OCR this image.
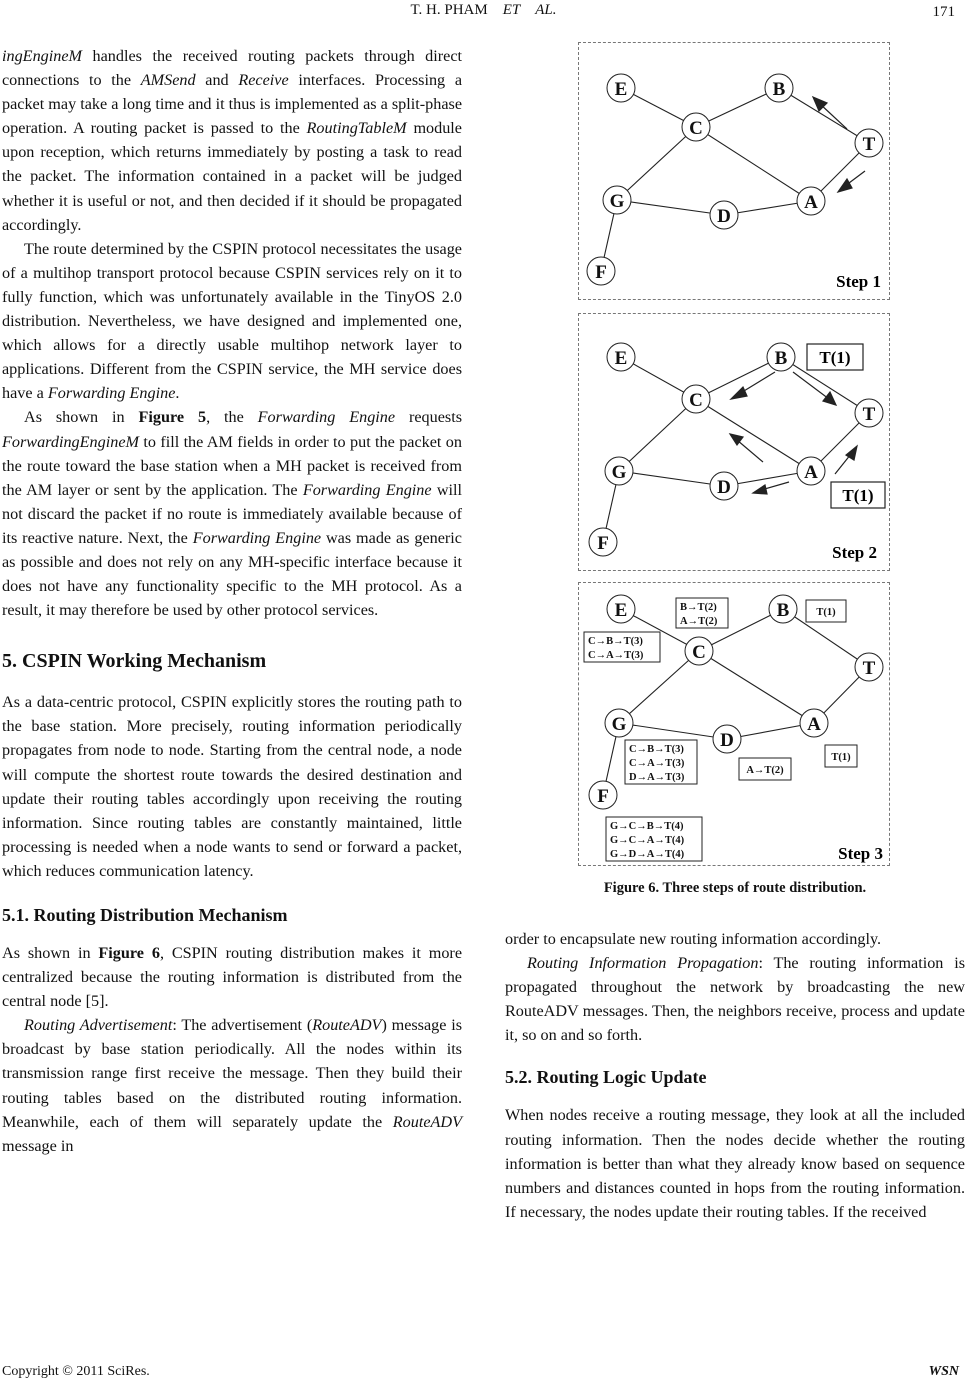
T. H. PHAM ET AL.	171

ingEngineM handles the received routing packets through direct connections to the AMSend and Receive interfaces. Processing a packet may take a long time and it thus is implemented as a split-phase operation. A routing packet is passed to the RoutingTableM module upon reception, which returns immediately by posting a task to read the packet. The information contained in a packet will be judged whether it is useful or not, and then decided if it should be propagated accordingly.

The route determined by the CSPIN protocol necessitates the usage of a multihop transport protocol because CSPIN services rely on it to fully function, which was unfortunately available in the TinyOS 2.0 distribution. Nevertheless, we have designed and implemented one, which allows for a directly usable multihop network layer to applications. Different from the CSPIN service, the MH service does have a Forwarding Engine.

As shown in Figure 5, the Forwarding Engine requests ForwardingEngineM to fill the AM fields in order to put the packet on the route toward the base station when a MH packet is received from the AM layer or sent by the application. The Forwarding Engine will not discard the packet if no route is immediately available because of its reactive nature. Next, the Forwarding Engine was made as generic as possible and does not rely on any MH-specific interface because it does not have any functionality specific to the MH protocol. As a result, it may therefore be used by other protocol services.

5. CSPIN Working Mechanism

As a data-centric protocol, CSPIN explicitly stores the routing path to the base station. More precisely, routing information periodically propagates from node to node. Starting from the central node, a node will compute the shortest route towards the desired destination and update their routing tables accordingly upon receiving the routing information. Since routing tables are constantly maintained, little processing is needed when a node wants to send or forward a packet, which reduces communication latency.

5.1. Routing Distribution Mechanism

As shown in Figure 6, CSPIN routing distribution makes it more centralized because the routing information is distributed from the central node [5].

Routing Advertisement: The advertisement (RouteADV) message is broadcast by base station periodically. All the nodes within its transmission range first receive the message. Then they build their routing tables based on the distributed routing information. Meanwhile, each of them will separately update the RouteADV message in

E	B
C
T
G
D
A
F	Step 1
E	B
C
T
G
D
A
F
T(1)
T(1)
Step 2
E	B
C
T
G
D
A
F
B→T(2)
A→T(2)
C→B→T(3)
C→A→T(3)
T(1)
T(1)
C→B→T(3)
C→A→T(3)
D→A→T(3)
A→T(2)
G→C→B→T(4)
G→C→A→T(4)
G→D→A→T(4)	Step 3
Figure 6. Three steps of route distribution.

order to encapsulate new routing information accordingly.

Routing Information Propagation: The routing information is propagated throughout the network by broadcasting the new RouteADV messages. Then, the neighbors receive, process and update it, so on and so forth.

5.2. Routing Logic Update

When nodes receive a routing message, they look at all the included routing information. Then the nodes decide whether the routing information is better than what they already know based on sequence numbers and distances counted in hops from the routing information. If necessary, the nodes update their routing tables. If the received

Copyright © 2011 SciRes.	WSN
